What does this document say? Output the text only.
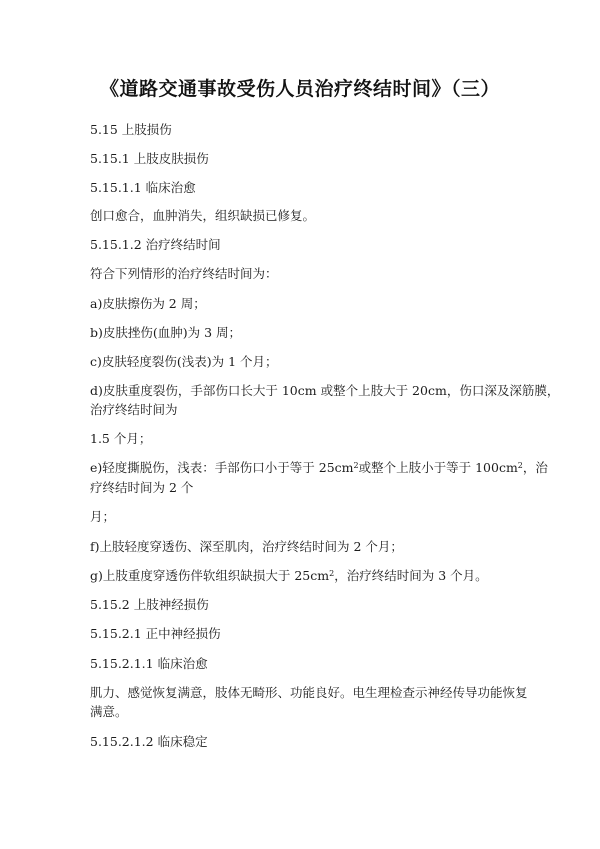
《道路交通事故受伤人员治疗终结时间》（三）
5.15 上肢损伤
5.15.1 上肢皮肤损伤
5.15.1.1 临床治愈
创口愈合，血肿消失，组织缺损已修复。
5.15.1.2 治疗终结时间
符合下列情形的治疗终结时间为：
a)皮肤擦伤为 2 周；
b)皮肤挫伤(血肿)为 3 周；
c)皮肤轻度裂伤(浅表)为 1 个月；
d)皮肤重度裂伤，手部伤口长大于 10cm 或整个上肢大于 20cm，伤口深及深筋膜，
治疗终结时间为
1.5 个月；
e)轻度撕脱伤，浅表：手部伤口小于等于 $25cm^2$或整个上肢小于等于 $100cm^2$，治
疗终结时间为 2 个
月；
f)上肢轻度穿透伤、深至肌肉，治疗终结时间为 2 个月；
g)上肢重度穿透伤伴软组织缺损大于 $25cm^2$，治疗终结时间为 3 个月。
5.15.2 上肢神经损伤
5.15.2.1 正中神经损伤
5.15.2.1.1 临床治愈
肌力、感觉恢复满意，肢体无畸形、功能良好。电生理检查示神经传导功能恢复
满意。
5.15.2.1.2 临床稳定
